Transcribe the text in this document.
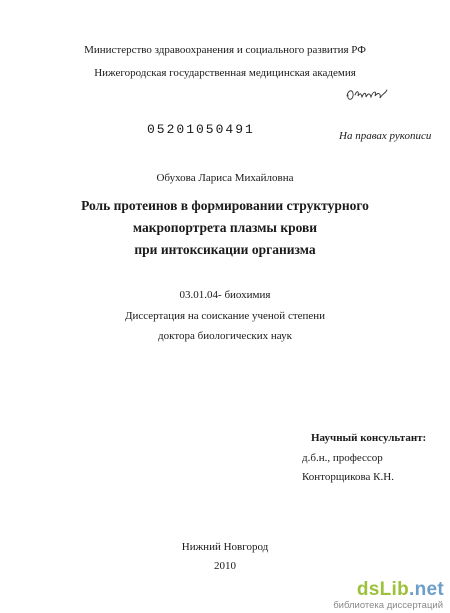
Министерство здравоохранения и социального развития РФ
Нижегородская государственная медицинская академия
05201050491	На правах рукописи
Обухова Лариса Михайловна
Роль протеинов в формировании структурного
макропортрета плазмы крови
при интоксикации организма
03.01.04- биохимия
Диссертация на соискание ученой степени
доктора биологических наук
Научный консультант:
д.б.н., профессор
Конторщикова К.Н.
Нижний Новгород
2010
dsLib.net
библиотека диссертаций
